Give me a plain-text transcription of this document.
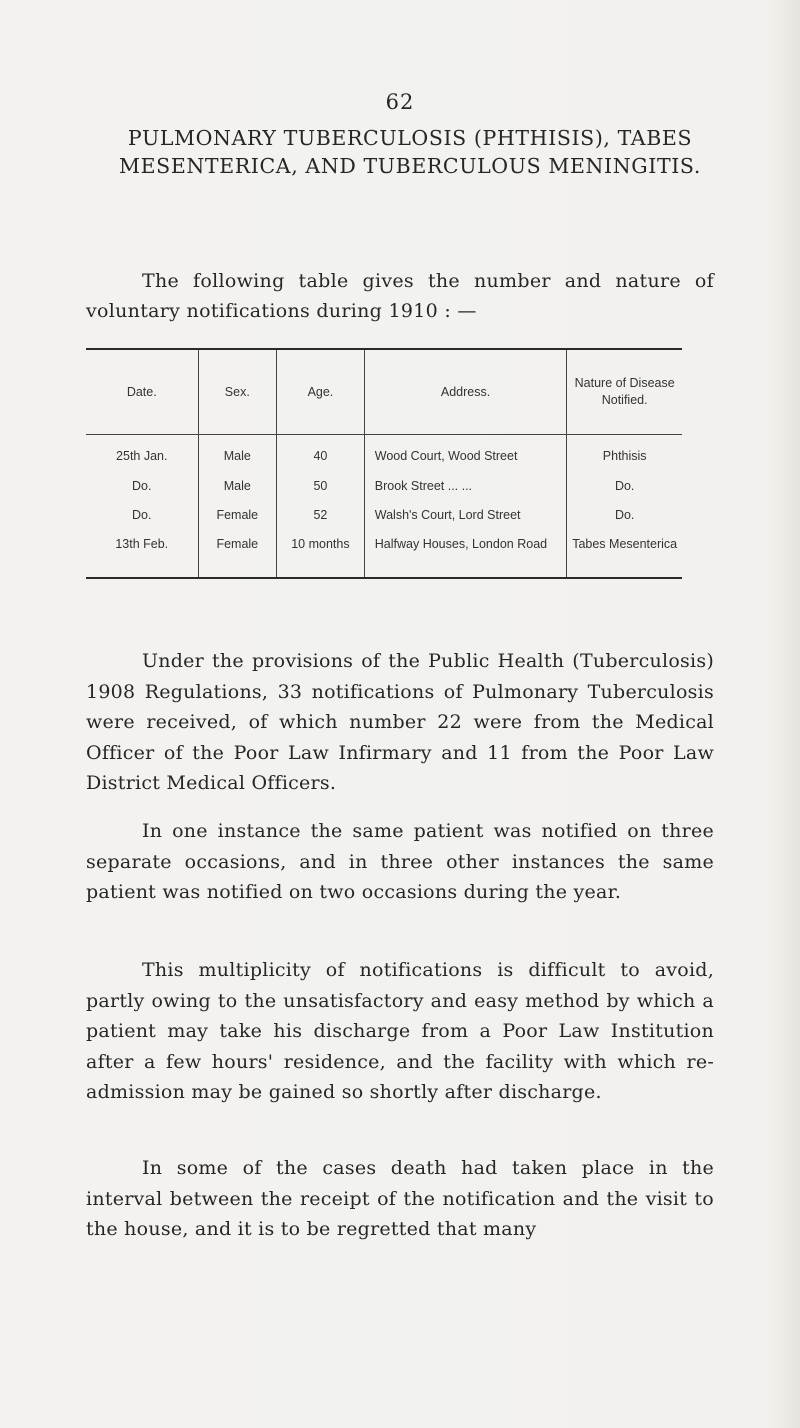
62
PULMONARY TUBERCULOSIS (PHTHISIS), TABES MESENTERICA, AND TUBERCULOUS MENINGITIS.
The following table gives the number and nature of voluntary notifications during 1910 : —
Date.	Sex.	Age.	Address.	Nature of Disease Notified.
25th Jan.	Male	40	Wood Court, Wood Street	Phthisis
Do.	Male	50	Brook Street ... ...	Do.
Do.	Female	52	Walsh's Court, Lord Street	Do.
13th Feb.	Female	10 months	Halfway Houses, London Road	Tabes Mesenterica
Under the provisions of the Public Health (Tuberculosis) 1908 Regulations, 33 notifications of Pulmonary Tuberculosis were received, of which number 22 were from the Medical Officer of the Poor Law Infirmary and 11 from the Poor Law District Medical Officers.
In one instance the same patient was notified on three separate occasions, and in three other instances the same patient was notified on two occasions during the year.
This multiplicity of notifications is difficult to avoid, partly owing to the unsatisfactory and easy method by which a patient may take his discharge from a Poor Law Institution after a few hours' residence, and the facility with which re-admission may be gained so shortly after discharge.
In some of the cases death had taken place in the interval between the receipt of the notification and the visit to the house, and it is to be regretted that many
